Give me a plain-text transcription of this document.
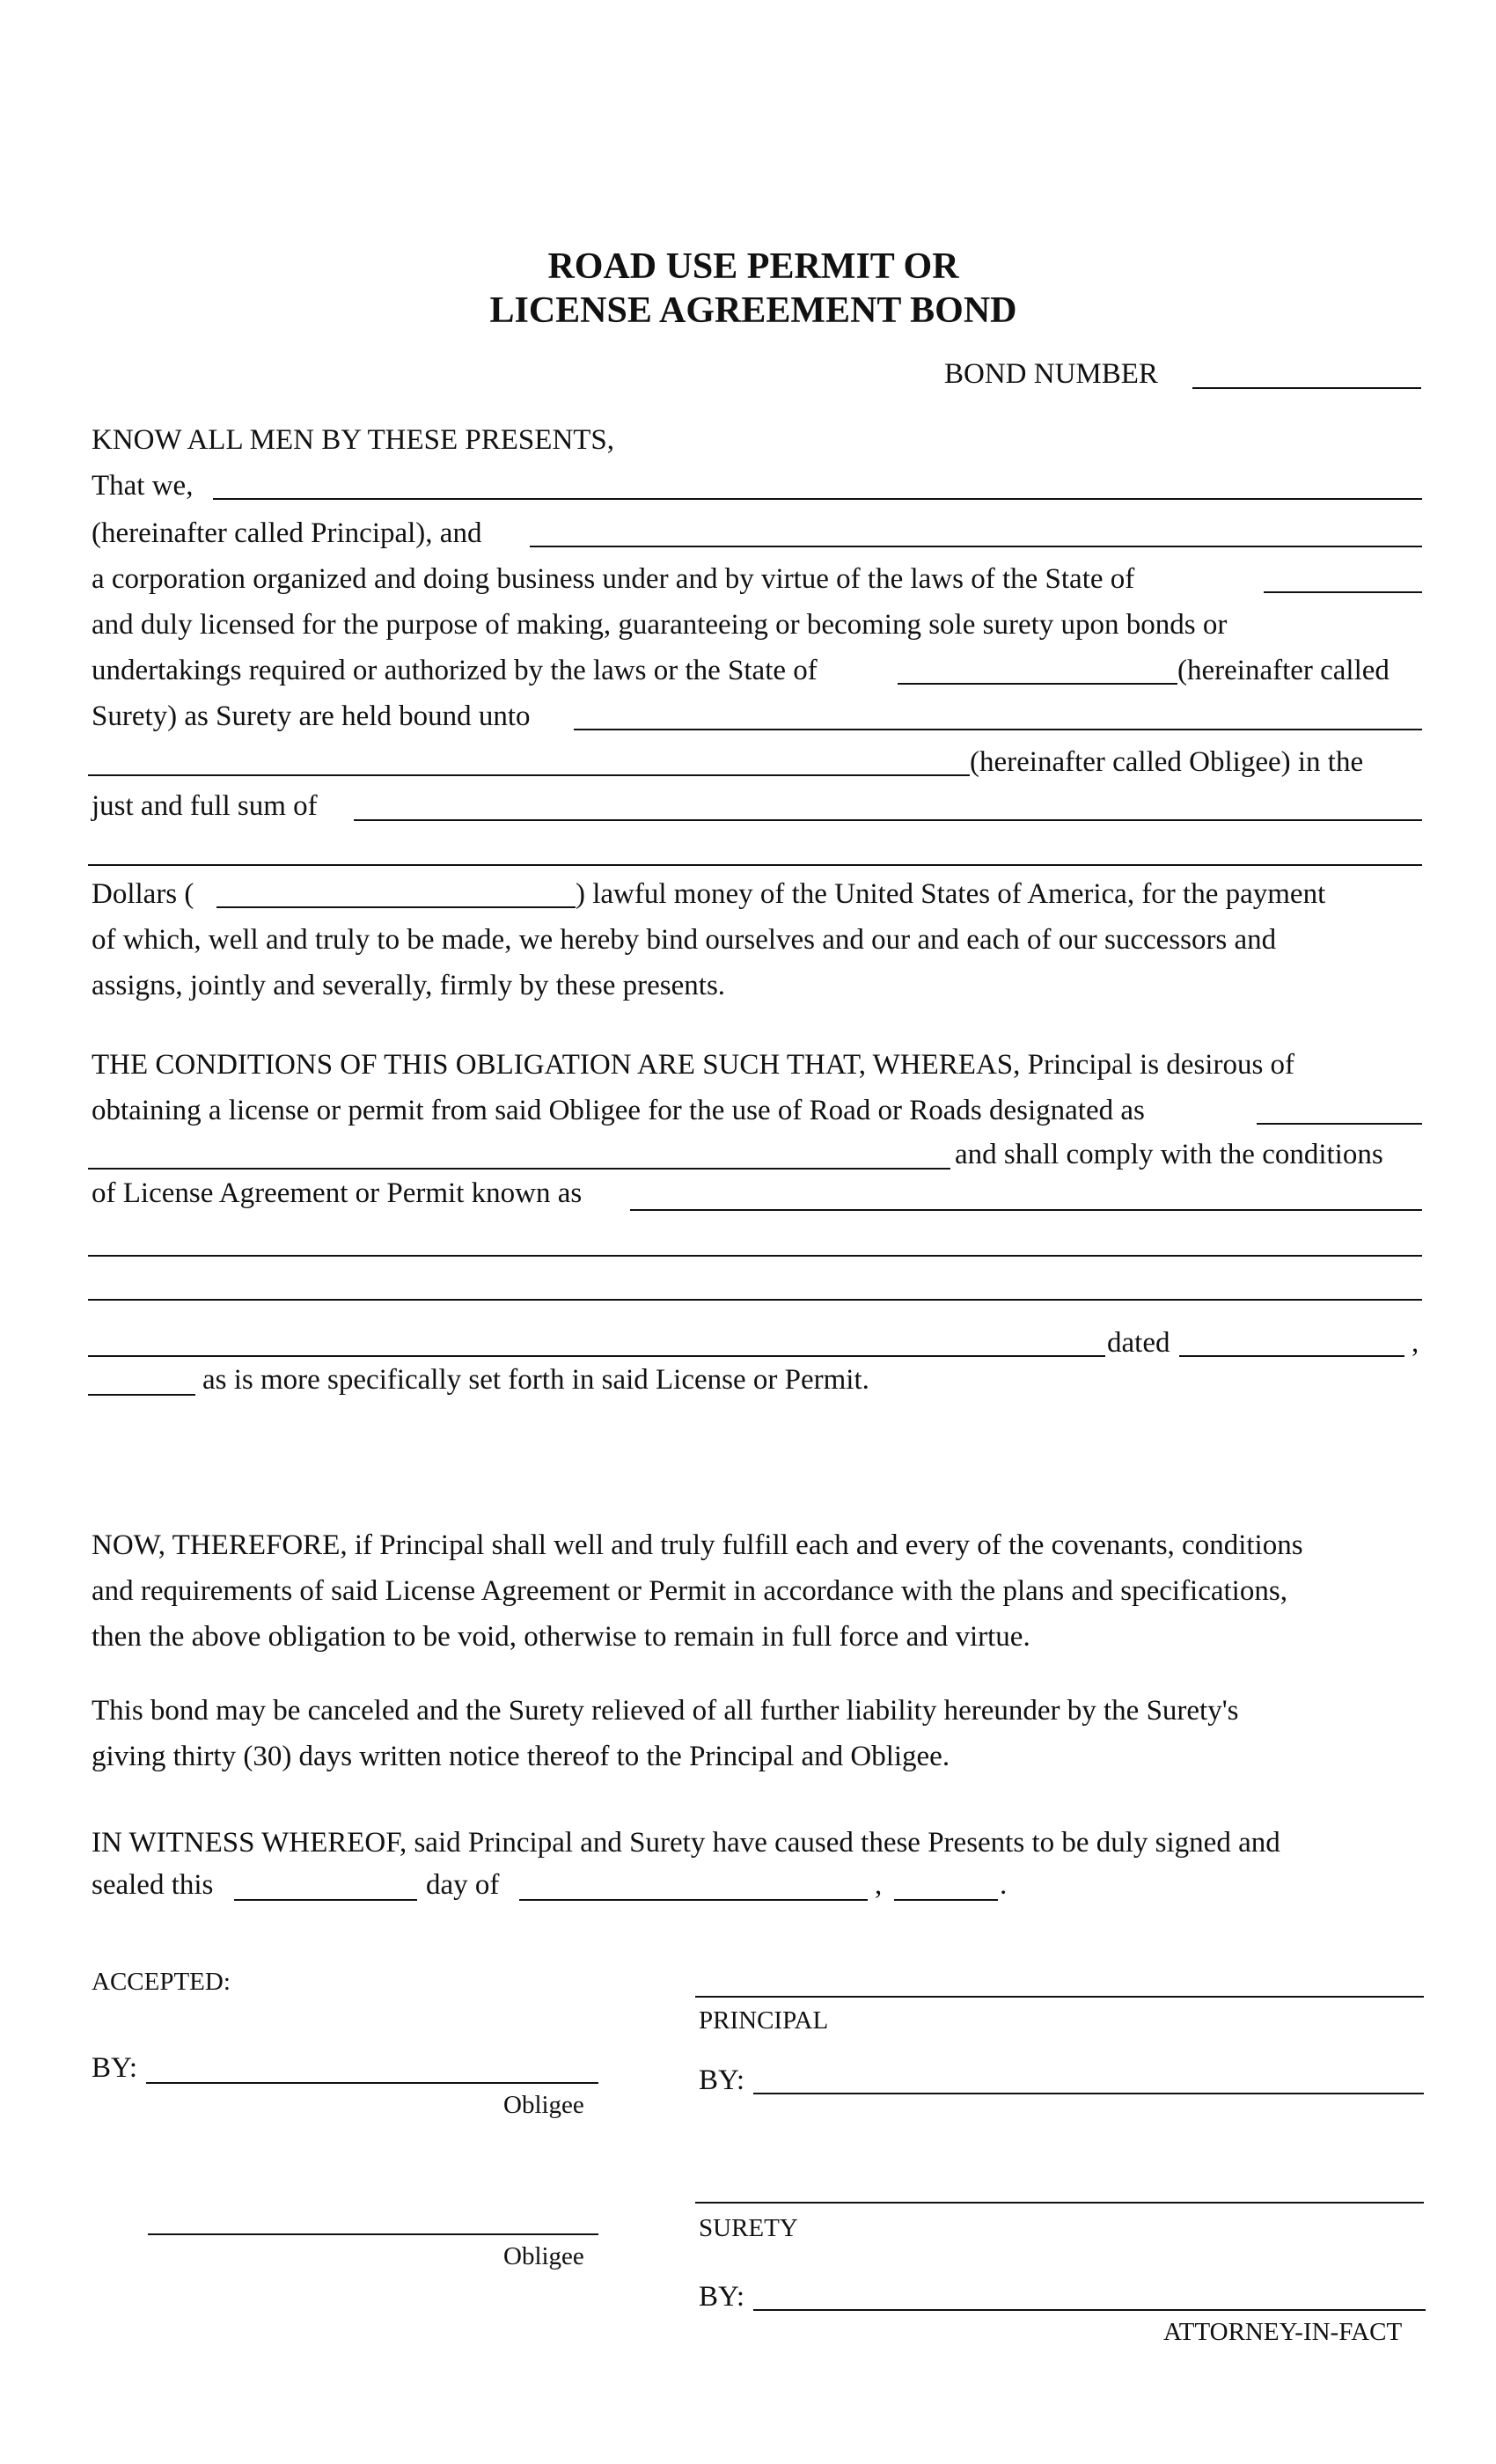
ROAD USE PERMIT OR
LICENSE AGREEMENT BOND
BOND NUMBER
KNOW ALL MEN BY THESE PRESENTS,
That we,
(hereinafter called Principal), and
a corporation organized and doing business under and by virtue of the laws of the State of
and duly licensed for the purpose of making, guaranteeing or becoming sole surety upon bonds or
undertakings required or authorized by the laws or the State of	(hereinafter called
Surety) as Surety are held bound unto
(hereinafter called Obligee) in the
just and full sum of
Dollars (	) lawful money of the United States of America, for the payment
of which, well and truly to be made, we hereby bind ourselves and our and each of our successors and
assigns, jointly and severally, firmly by these presents.
THE CONDITIONS OF THIS OBLIGATION ARE SUCH THAT, WHEREAS, Principal is desirous of
obtaining a license or permit from said Obligee for the use of Road or Roads designated as
and shall comply with the conditions
of License Agreement or Permit known as
dated	,
as is more specifically set forth in said License or Permit.
NOW, THEREFORE, if Principal shall well and truly fulfill each and every of the covenants, conditions
and requirements of said License Agreement or Permit in accordance with the plans and specifications,
then the above obligation to be void, otherwise to remain in full force and virtue.
This bond may be canceled and the Surety relieved of all further liability hereunder by the Surety's
giving thirty (30) days written notice thereof to the Principal and Obligee.
IN WITNESS WHEREOF, said Principal and Surety have caused these Presents to be duly signed and
sealed this	day of	,	.
ACCEPTED:
BY:
Obligee
Obligee
PRINCIPAL
BY:
SURETY
BY:
ATTORNEY-IN-FACT
